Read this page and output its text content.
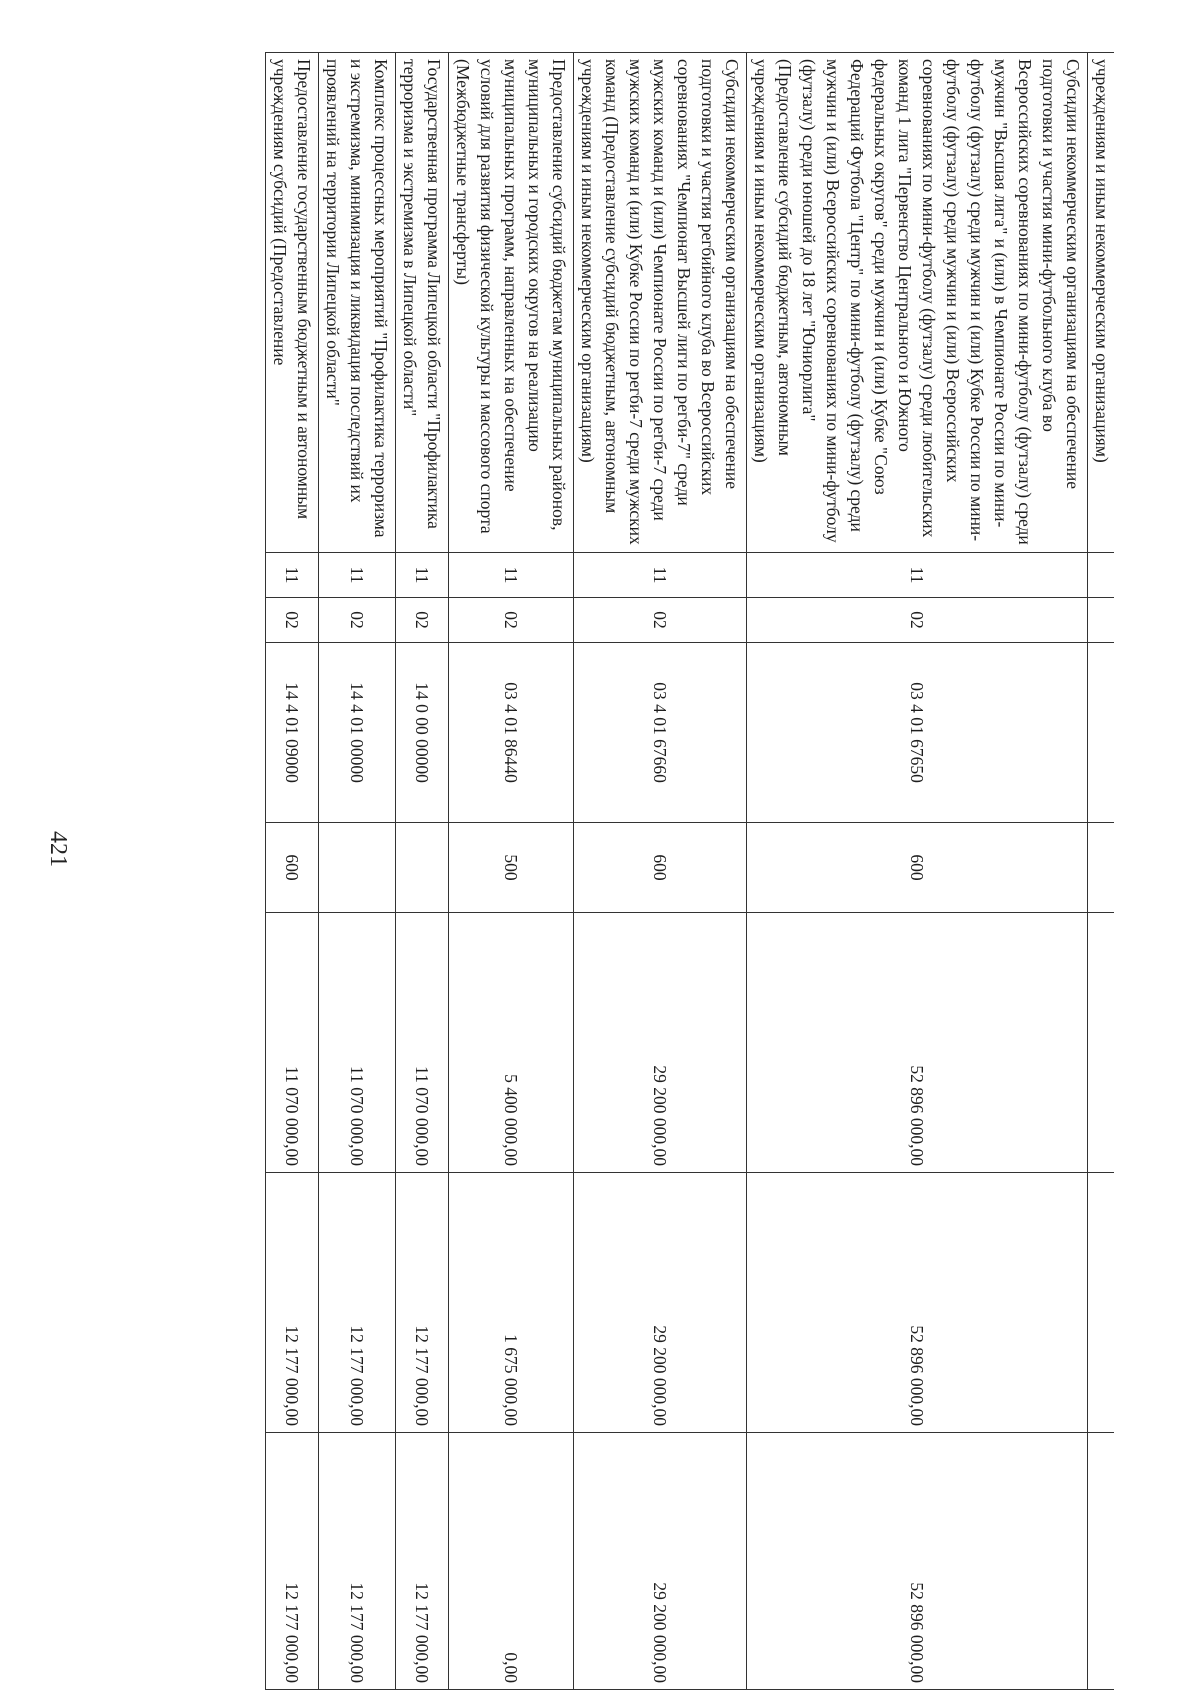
421
учреждениям и иным некоммерческим организациям)							
Субсидии некоммерческим организациям на обеспечение подготовки и участия мини-футбольного клуба во Всероссийских соревнованиях по мини-футболу (футзалу) среди мужчин "Высшая лига" и (или) в Чемпионате России по мини-футболу (футзалу) среди мужчин и (или) Кубке России по мини-футболу (футзалу) среди мужчин и (или) Всероссийских соревнованиях по мини-футболу (футзалу) среди любительских команд 1 лига "Первенство Центрального и Южного федеральных округов" среди мужчин и (или) Кубке "Союз Федераций Футбола "Центр" по мини-футболу (футзалу) среди мужчин и (или) Всероссийских соревнованиях по мини-футболу (футзалу) среди юношей до 18 лет "Юниорлига" (Предоставление субсидий бюджетным, автономным учреждениям и иным некоммерческим организациям)	11	02	03 4 01 67650	600	52 896 000,00	52 896 000,00	52 896 000,00
Субсидии некоммерческим организациям на обеспечение подготовки и участия регбийного клуба во Всероссийских соревнованиях "Чемпионат Высшей лиги по регби-7" среди мужских команд и (или) Чемпионате России по регби-7 среди мужских команд и (или) Кубке России по регби-7 среди мужских команд (Предоставление субсидий бюджетным, автономным учреждениям и иным некоммерческим организациям)	11	02	03 4 01 67660	600	29 200 000,00	29 200 000,00	29 200 000,00
Предоставление субсидий бюджетам муниципальных районов, муниципальных и городских округов на реализацию муниципальных программ, направленных на обеспечение условий для развития физической культуры и массового спорта (Межбюджетные трансферты)	11	02	03 4 01 86440	500	5 400 000,00	1 675 000,00	0,00
Государственная программа Липецкой области "Профилактика терроризма и экстремизма в Липецкой области"	11	02	14 0 00 00000		11 070 000,00	12 177 000,00	12 177 000,00
Комплекс процессных мероприятий "Профилактика терроризма и экстремизма, минимизация и ликвидация последствий их проявлений на территории Липецкой области"	11	02	14 4 01 00000		11 070 000,00	12 177 000,00	12 177 000,00
Предоставление государственным бюджетным и автономным учреждениям субсидий (Предоставление	11	02	14 4 01 09000	600	11 070 000,00	12 177 000,00	12 177 000,00
